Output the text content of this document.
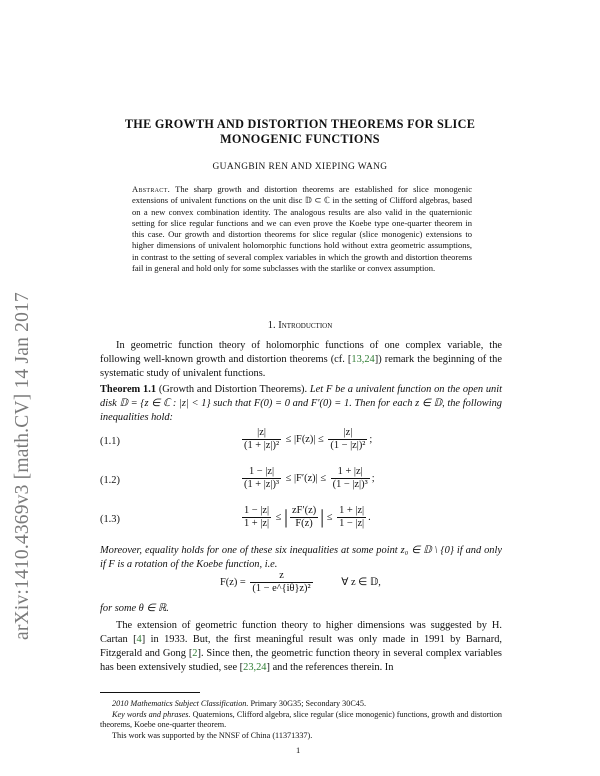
arXiv:1410.4369v3 [math.CV] 14 Jan 2017
THE GROWTH AND DISTORTION THEOREMS FOR SLICE
MONOGENIC FUNCTIONS
GUANGBIN REN AND XIEPING WANG
Abstract. The sharp growth and distortion theorems are established for slice monogenic extensions of univalent functions on the unit disc 𝔻 ⊂ ℂ in the setting of Clifford algebras, based on a new convex combination identity. The analogous results are also valid in the quaternionic setting for slice regular functions and we can even prove the Koebe type one-quarter theorem in this case. Our growth and distortion theorems for slice regular (slice monogenic) extensions to higher dimensions of univalent holomorphic functions hold without extra geometric assumptions, in contrast to the setting of several complex variables in which the growth and distortion theorems fail in general and hold only for some subclasses with the starlike or convex assumption.
1. Introduction
In geometric function theory of holomorphic functions of one complex variable, the following well-known growth and distortion theorems (cf. [13,24]) remark the beginning of the systematic study of univalent functions.
Theorem 1.1 (Growth and Distortion Theorems). Let F be a univalent function on the open unit disk 𝔻 = {z ∈ ℂ : |z| < 1} such that F(0) = 0 and F′(0) = 1. Then for each z ∈ 𝔻, the following inequalities hold:
(1.1)	$\frac{|z|}{\text{(1 + |z|)²}} \le |F(z)| \le \frac{|z|}{\text{(1 − |z|)²}}$ ;
(1.2)	$\frac{1 - |z|}{\text{(1 + |z|)³}} \le |F'(z)| \le \frac{1 + |z|}{\text{(1 − |z|)³}}$ ;
(1.3)	$\frac{1 - |z|}{1 + |z|}$ ≤ | $\frac{zF'(z)}{F(z)}$ | ≤ $\frac{1 + |z|}{1 - |z|}$ .
Moreover, equality holds for one of these six inequalities at some point z₀ ∈ 𝔻 \ {0} if and only if F is a rotation of the Koebe function, i.e.
$F(z) = \frac{z}{\text{(1 − e\textasciicircum{}\{iθ\}z)²}}$	∀ z ∈ 𝔻,
for some θ ∈ ℝ.
The extension of geometric function theory to higher dimensions was suggested by H. Cartan [4] in 1933. But, the first meaningful result was only made in 1991 by Barnard, Fitzgerald and Gong [2]. Since then, the geometric function theory in several complex variables has been extensively studied, see [23,24] and the references therein. In
2010 Mathematics Subject Classification. Primary 30G35; Secondary 30C45.
Key words and phrases. Quaternions, Clifford algebra, slice regular (slice monogenic) functions, growth and distortion theorems, Koebe one-quarter theorem.
This work was supported by the NNSF of China (11371337).
1
